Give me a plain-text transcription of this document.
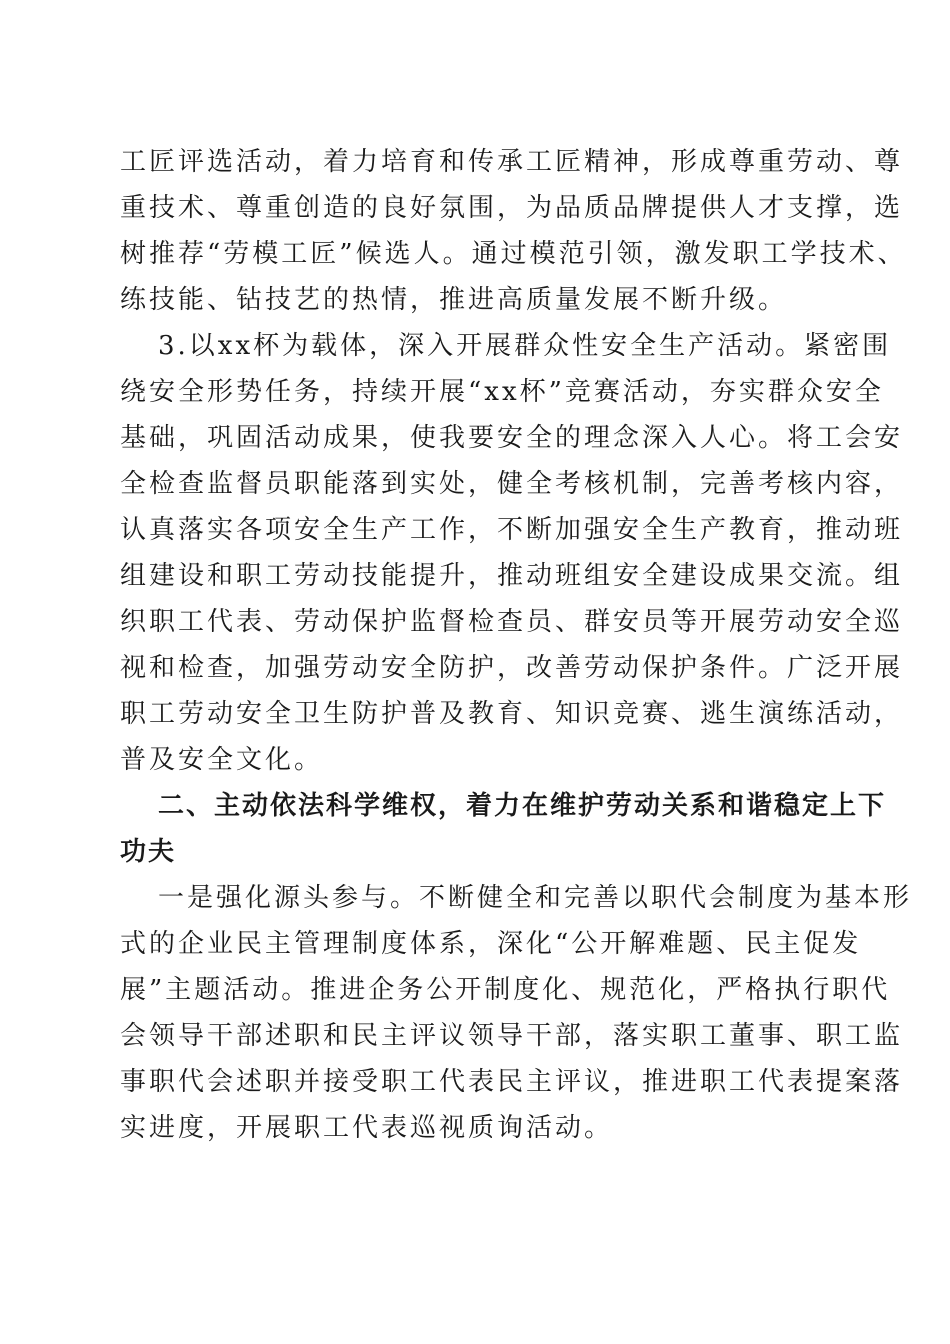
工匠评选活动，着力培育和传承工匠精神，形成尊重劳动、尊
重技术、尊重创造的良好氛围，为品质品牌提供人才支撑，选
树推荐“劳模工匠”候选人。通过模范引领，激发职工学技术、
练技能、钻技艺的热情，推进高质量发展不断升级。
3.以xx杯为载体，深入开展群众性安全生产活动。紧密围
绕安全形势任务，持续开展“xx杯”竞赛活动，夯实群众安全
基础，巩固活动成果，使我要安全的理念深入人心。将工会安
全检查监督员职能落到实处，健全考核机制，完善考核内容，
认真落实各项安全生产工作，不断加强安全生产教育，推动班
组建设和职工劳动技能提升，推动班组安全建设成果交流。组
织职工代表、劳动保护监督检查员、群安员等开展劳动安全巡
视和检查，加强劳动安全防护，改善劳动保护条件。广泛开展
职工劳动安全卫生防护普及教育、知识竞赛、逃生演练活动，
普及安全文化。
二、主动依法科学维权，着力在维护劳动关系和谐稳定上下
功夫
一是强化源头参与。不断健全和完善以职代会制度为基本形
式的企业民主管理制度体系，深化“公开解难题、民主促发
展”主题活动。推进企务公开制度化、规范化，严格执行职代
会领导干部述职和民主评议领导干部，落实职工董事、职工监
事职代会述职并接受职工代表民主评议，推进职工代表提案落
实进度，开展职工代表巡视质询活动。
